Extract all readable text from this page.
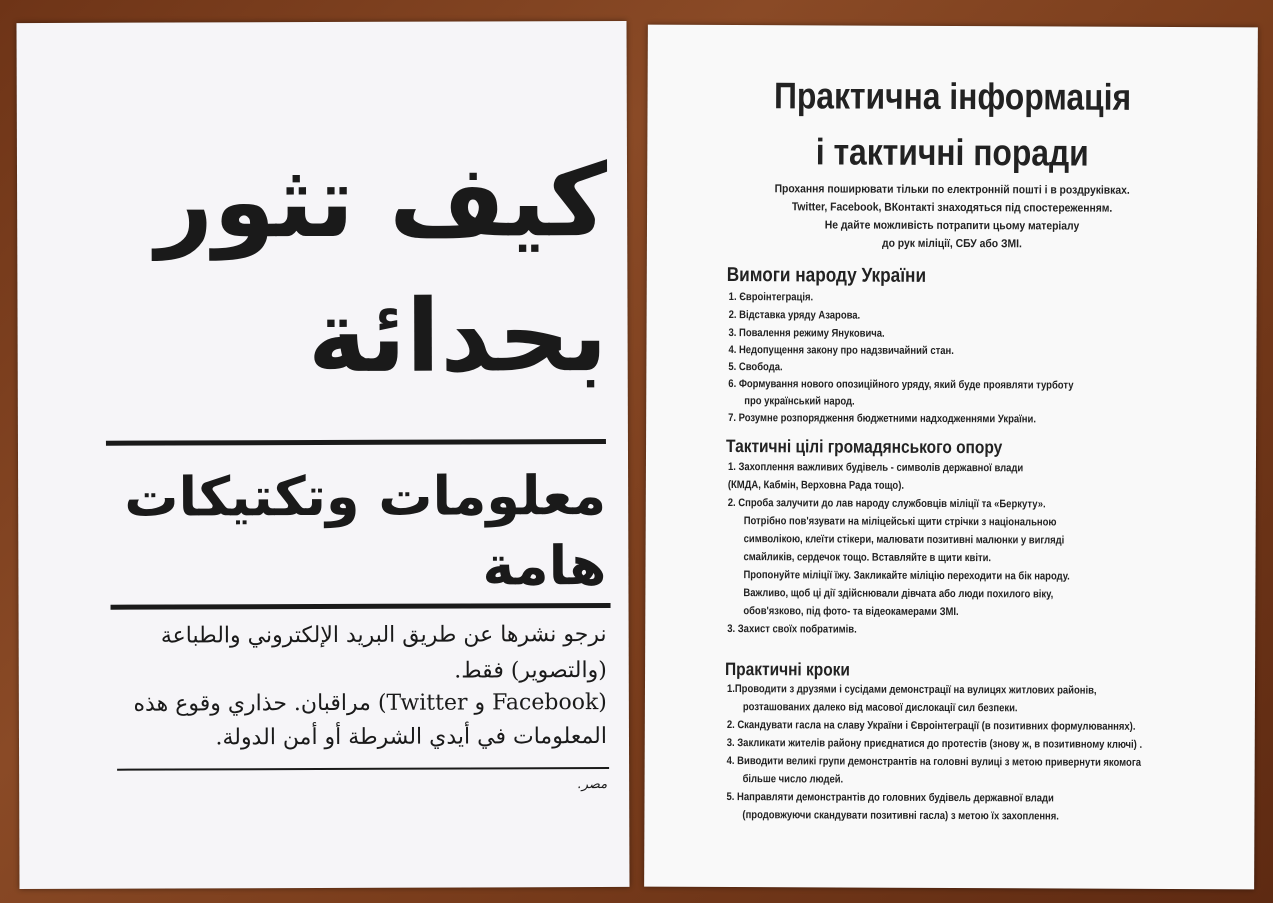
كيف تثور
بحدائة
معلومات وتكتيكات
هامة
نرجو نشرها عن طريق البريد الإلكتروني والطباعة
(والتصوير) فقط.
(Facebook و Twitter) مراقبان. حذاري وقوع هذه
المعلومات في أيدي الشرطة أو أمن الدولة.
مصر.
Практична інформація
і тактичні поради
Прохання поширювати тільки по електронній пошті і в роздруківках.
Twitter, Facebook, ВКонтакті знаходяться під спостереженням.
Не дайте можливість потрапити цьому матеріалу
до рук міліції, СБУ або ЗМІ.
Вимоги народу України
1. Євроінтеграція.
2. Відставка уряду Азарова.
3. Повалення режиму Януковича.
4. Недопущення закону про надзвичайний стан.
5. Свобода.
6. Формування нового опозиційного уряду, який буде проявляти турботу
про український народ.
7. Розумне розпорядження бюджетними надходженнями України.
Тактичні цілі громадянського опору
1. Захоплення важливих будівель - символів державної влади
(КМДА, Кабмін, Верховна Рада тощо).
2. Спроба залучити до лав народу службовців міліції та «Беркуту».
Потрібно пов'язувати на міліцейські щити стрічки з національною
символікою, клеїти стікери, малювати позитивні малюнки у вигляді
смайликів, сердечок тощо. Вставляйте в щити квіти.
Пропонуйте міліції їжу. Закликайте міліцію переходити на бік народу.
Важливо, щоб ці дії здійснювали дівчата або люди похилого віку,
обов'язково, під фото- та відеокамерами ЗМІ.
3. Захист своїх побратимів.
Практичні кроки
1.Проводити з друзями і сусідами демонстрації на вулицях житлових районів,
розташованих далеко від масової дислокації сил безпеки.
2. Скандувати гасла на славу України і Євроінтеграції (в позитивних формулюваннях).
3. Закликати жителів району приєднатися до протестів (знову ж, в позитивному ключі) .
4. Виводити великі групи демонстрантів на головні вулиці з метою привернути якомога
більше число людей.
5. Направляти демонстрантів до головних будівель державної влади
(продовжуючи скандувати позитивні гасла) з метою їх захоплення.
